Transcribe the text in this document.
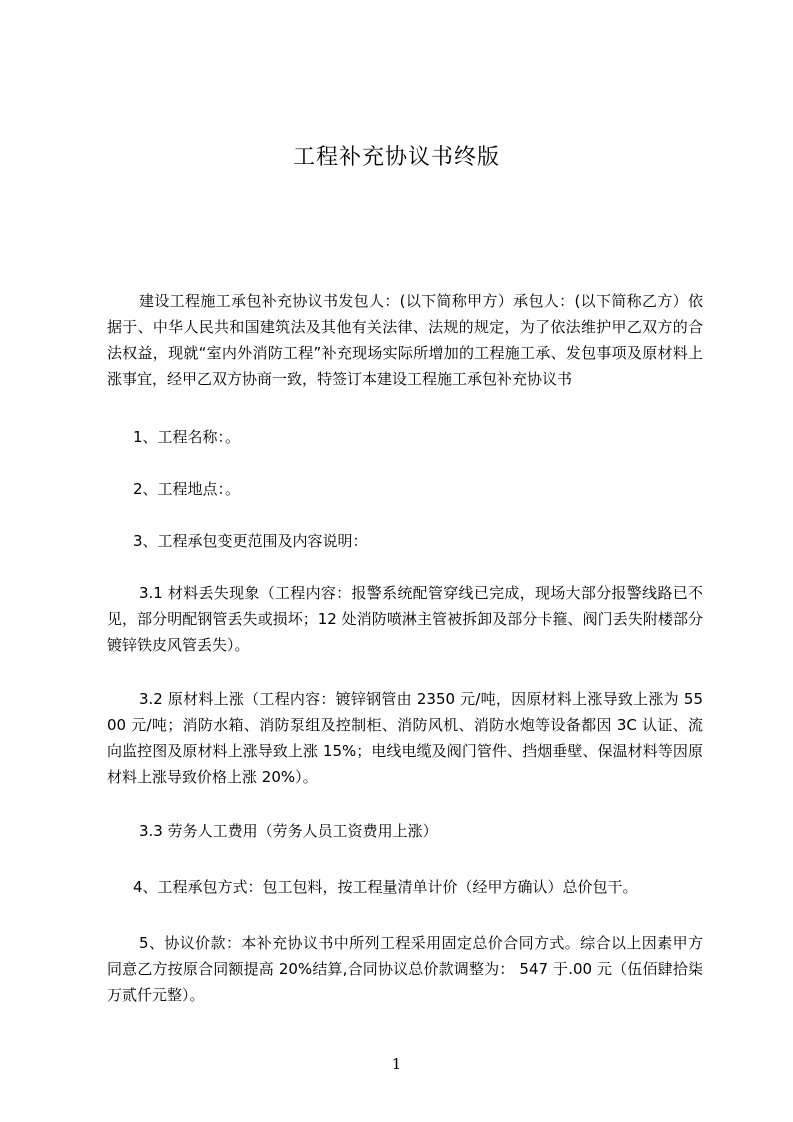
工程补充协议书终版
建设工程施工承包补充协议书发包人：(以下简称甲方）承包人：(以下简称乙方）依据于、中华人民共和国建筑法及其他有关法律、法规的规定，为了依法维护甲乙双方的合法权益，现就“室内外消防工程”补充现场实际所增加的工程施工承、发包事项及原材料上涨事宜，经甲乙双方协商一致，特签订本建设工程施工承包补充协议书
1、工程名称：。
2、工程地点：。
3、工程承包变更范围及内容说明：
3.1 材料丢失现象（工程内容：报警系统配管穿线已完成，现场大部分报警线路已不见，部分明配钢管丢失或损坏；12 处消防喷淋主管被拆卸及部分卡箍、阀门丢失附楼部分镀锌铁皮风管丢失）。
3.2 原材料上涨（工程内容：镀锌钢管由 2350 元/吨，因原材料上涨导致上涨为 5500 元/吨；消防水箱、消防泵组及控制柜、消防风机、消防水炮等设备都因 3C 认证、流向监控图及原材料上涨导致上涨 15%；电线电缆及阀门管件、挡烟垂壁、保温材料等因原材料上涨导致价格上涨 20%）。
3.3 劳务人工费用（劳务人员工资费用上涨）
4、工程承包方式：包工包料，按工程量清单计价（经甲方确认）总价包干。
5、协议价款：本补充协议书中所列工程采用固定总价合同方式。综合以上因素甲方同意乙方按原合同额提高 20%结算,合同协议总价款调整为： 547 于.00 元（伍佰肆拾柒万贰仟元整）。
1
